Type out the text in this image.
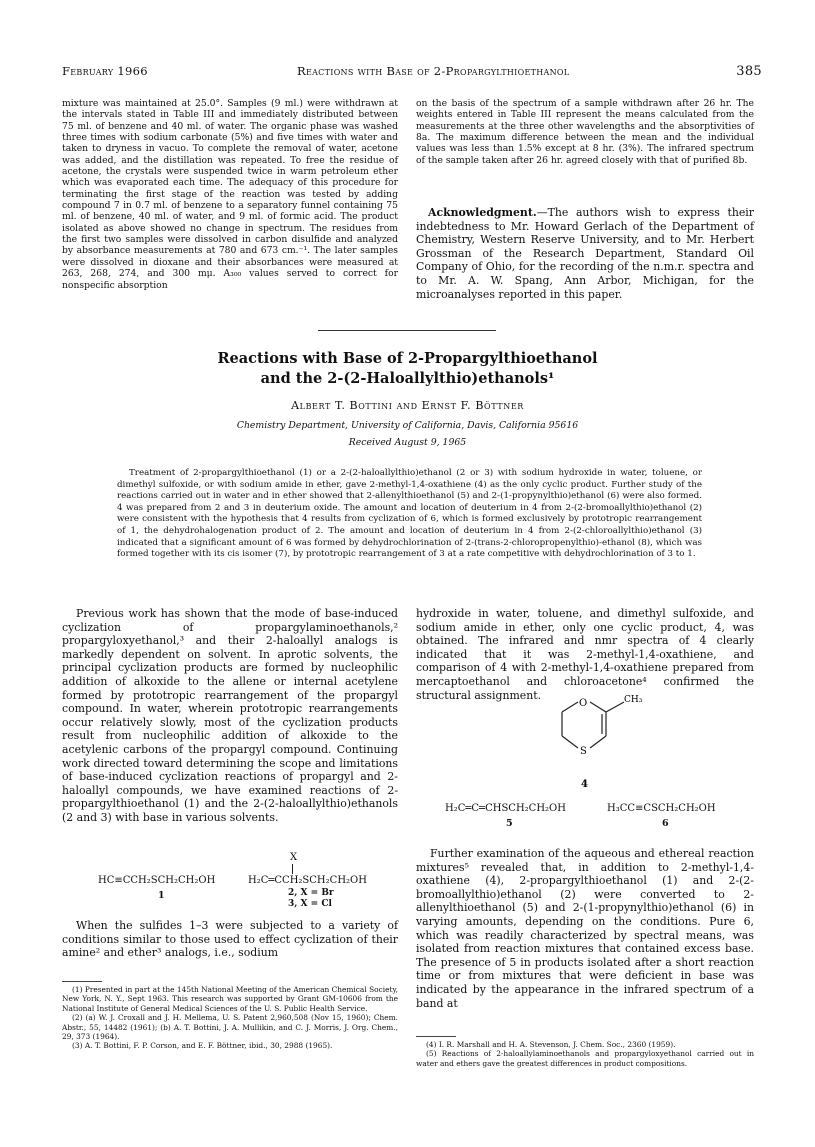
February 1966	Reactions with Base of 2-Propargylthioethanol	385

mixture was maintained at 25.0°. Samples (9 ml.) were withdrawn at the intervals stated in Table III and immediately distributed between 75 ml. of benzene and 40 ml. of water. The organic phase was washed three times with sodium carbonate (5%) and five times with water and taken to dryness in vacuo. To complete the removal of water, acetone was added, and the distillation was repeated. To free the residue of acetone, the crystals were suspended twice in warm petroleum ether which was evaporated each time. The adequacy of this procedure for terminating the first stage of the reaction was tested by adding compound 7 in 0.7 ml. of benzene to a separatory funnel containing 75 ml. of benzene, 40 ml. of water, and 9 ml. of formic acid. The product isolated as above showed no change in spectrum. The residues from the first two samples were dissolved in carbon disulfide and analyzed by absorbance measurements at 780 and 673 cm.⁻¹. The later samples were dissolved in dioxane and their absorbances were measured at 263, 268, 274, and 300 mμ. A₃₀₀ values served to correct for nonspecific absorption

on the basis of the spectrum of a sample withdrawn after 26 hr. The weights entered in Table III represent the means calculated from the measurements at the three other wavelengths and the absorptivities of 8a. The maximum difference between the mean and the individual values was less than 1.5% except at 8 hr. (3%). The infrared spectrum of the sample taken after 26 hr. agreed closely with that of purified 8b.

Acknowledgment.—The authors wish to express their indebtedness to Mr. Howard Gerlach of the Department of Chemistry, Western Reserve University, and to Mr. Herbert Grossman of the Research Department, Standard Oil Company of Ohio, for the recording of the n.m.r. spectra and to Mr. A. W. Spang, Ann Arbor, Michigan, for the microanalyses reported in this paper.

Reactions with Base of 2-Propargylthioethanol
and the 2-(2-Haloallylthio)ethanols¹
Albert T. Bottini and Ernst F. Böttner
Chemistry Department, University of California, Davis, California 95616
Received August 9, 1965

Treatment of 2-propargylthioethanol (1) or a 2-(2-haloallylthio)ethanol (2 or 3) with sodium hydroxide in water, toluene, or dimethyl sulfoxide, or with sodium amide in ether, gave 2-methyl-1,4-oxathiene (4) as the only cyclic product. Further study of the reactions carried out in water and in ether showed that 2-allenylthioethanol (5) and 2-(1-propynylthio)ethanol (6) were also formed. 4 was prepared from 2 and 3 in deuterium oxide. The amount and location of deuterium in 4 from 2-(2-bromoallylthio)ethanol (2) were consistent with the hypothesis that 4 results from cyclization of 6, which is formed exclusively by prototropic rearrangement of 1, the dehydrohalogenation product of 2. The amount and location of deuterium in 4 from 2-(2-chloroallylthio)ethanol (3) indicated that a significant amount of 6 was formed by dehydrochlorination of 2-(trans-2-chloropropenylthio)-ethanol (8), which was formed together with its cis isomer (7), by prototropic rearrangement of 3 at a rate competitive with dehydrochlorination of 3 to 1.

Previous work has shown that the mode of base-induced cyclization of propargylaminoethanols,² propargyloxyethanol,³ and their 2-haloallyl analogs is markedly dependent on solvent. In aprotic solvents, the principal cyclization products are formed by nucleophilic addition of alkoxide to the allene or internal acetylene formed by prototropic rearrangement of the propargyl compound. In water, wherein prototropic rearrangements occur relatively slowly, most of the cyclization products result from nucleophilic addition of alkoxide to the acetylenic carbons of the propargyl compound. Continuing work directed toward determining the scope and limitations of base-induced cyclization reactions of propargyl and 2-haloallyl compounds, we have examined reactions of 2-propargylthioethanol (1) and the 2-(2-haloallylthio)ethanols (2 and 3) with base in various solvents.

X
HC≡CCH₂SCH₂CH₂OH	H₂C═CCH₂SCH₂CH₂OH
1	2, X = Br
3, X = Cl

When the sulfides 1–3 were subjected to a variety of conditions similar to those used to effect cyclization of their amine² and ether³ analogs, i.e., sodium

(1) Presented in part at the 145th National Meeting of the American Chemical Society, New York, N. Y., Sept 1963. This research was supported by Grant GM-10606 from the National Institute of General Medical Sciences of the U. S. Public Health Service.

(2) (a) W. J. Croxall and J. H. Mellema, U. S. Patent 2,960,508 (Nov 15, 1960); Chem. Abstr., 55, 14482 (1961); (b) A. T. Bottini, J. A. Mullikin, and C. J. Morris, J. Org. Chem., 29, 373 (1964).

(3) A. T. Bottini, F. P. Corson, and E. F. Böttner, ibid., 30, 2988 (1965).

hydroxide in water, toluene, and dimethyl sulfoxide, and sodium amide in ether, only one cyclic product, 4, was obtained. The infrared and nmr spectra of 4 clearly indicated that it was 2-methyl-1,4-oxathiene, and comparison of 4 with 2-methyl-1,4-oxathiene prepared from mercaptoethanol and chloroacetone⁴ confirmed the structural assignment.

O
S
CH₃
4
H₂C═C═CHSCH₂CH₂OH	H₃CC≡CSCH₂CH₂OH
5	6

Further examination of the aqueous and ethereal reaction mixtures⁵ revealed that, in addition to 2-methyl-1,4-oxathiene (4), 2-propargylthioethanol (1) and 2-(2-bromoallylthio)ethanol (2) were converted to 2-allenylthioethanol (5) and 2-(1-propynylthio)ethanol (6) in varying amounts, depending on the conditions. Pure 6, which was readily characterized by spectral means, was isolated from reaction mixtures that contained excess base. The presence of 5 in products isolated after a short reaction time or from mixtures that were deficient in base was indicated by the appearance in the infrared spectrum of a band at

(4) I. R. Marshall and H. A. Stevenson, J. Chem. Soc., 2360 (1959).

(5) Reactions of 2-haloallylaminoethanols and propargyloxyethanol carried out in water and ethers gave the greatest differences in product compositions.
